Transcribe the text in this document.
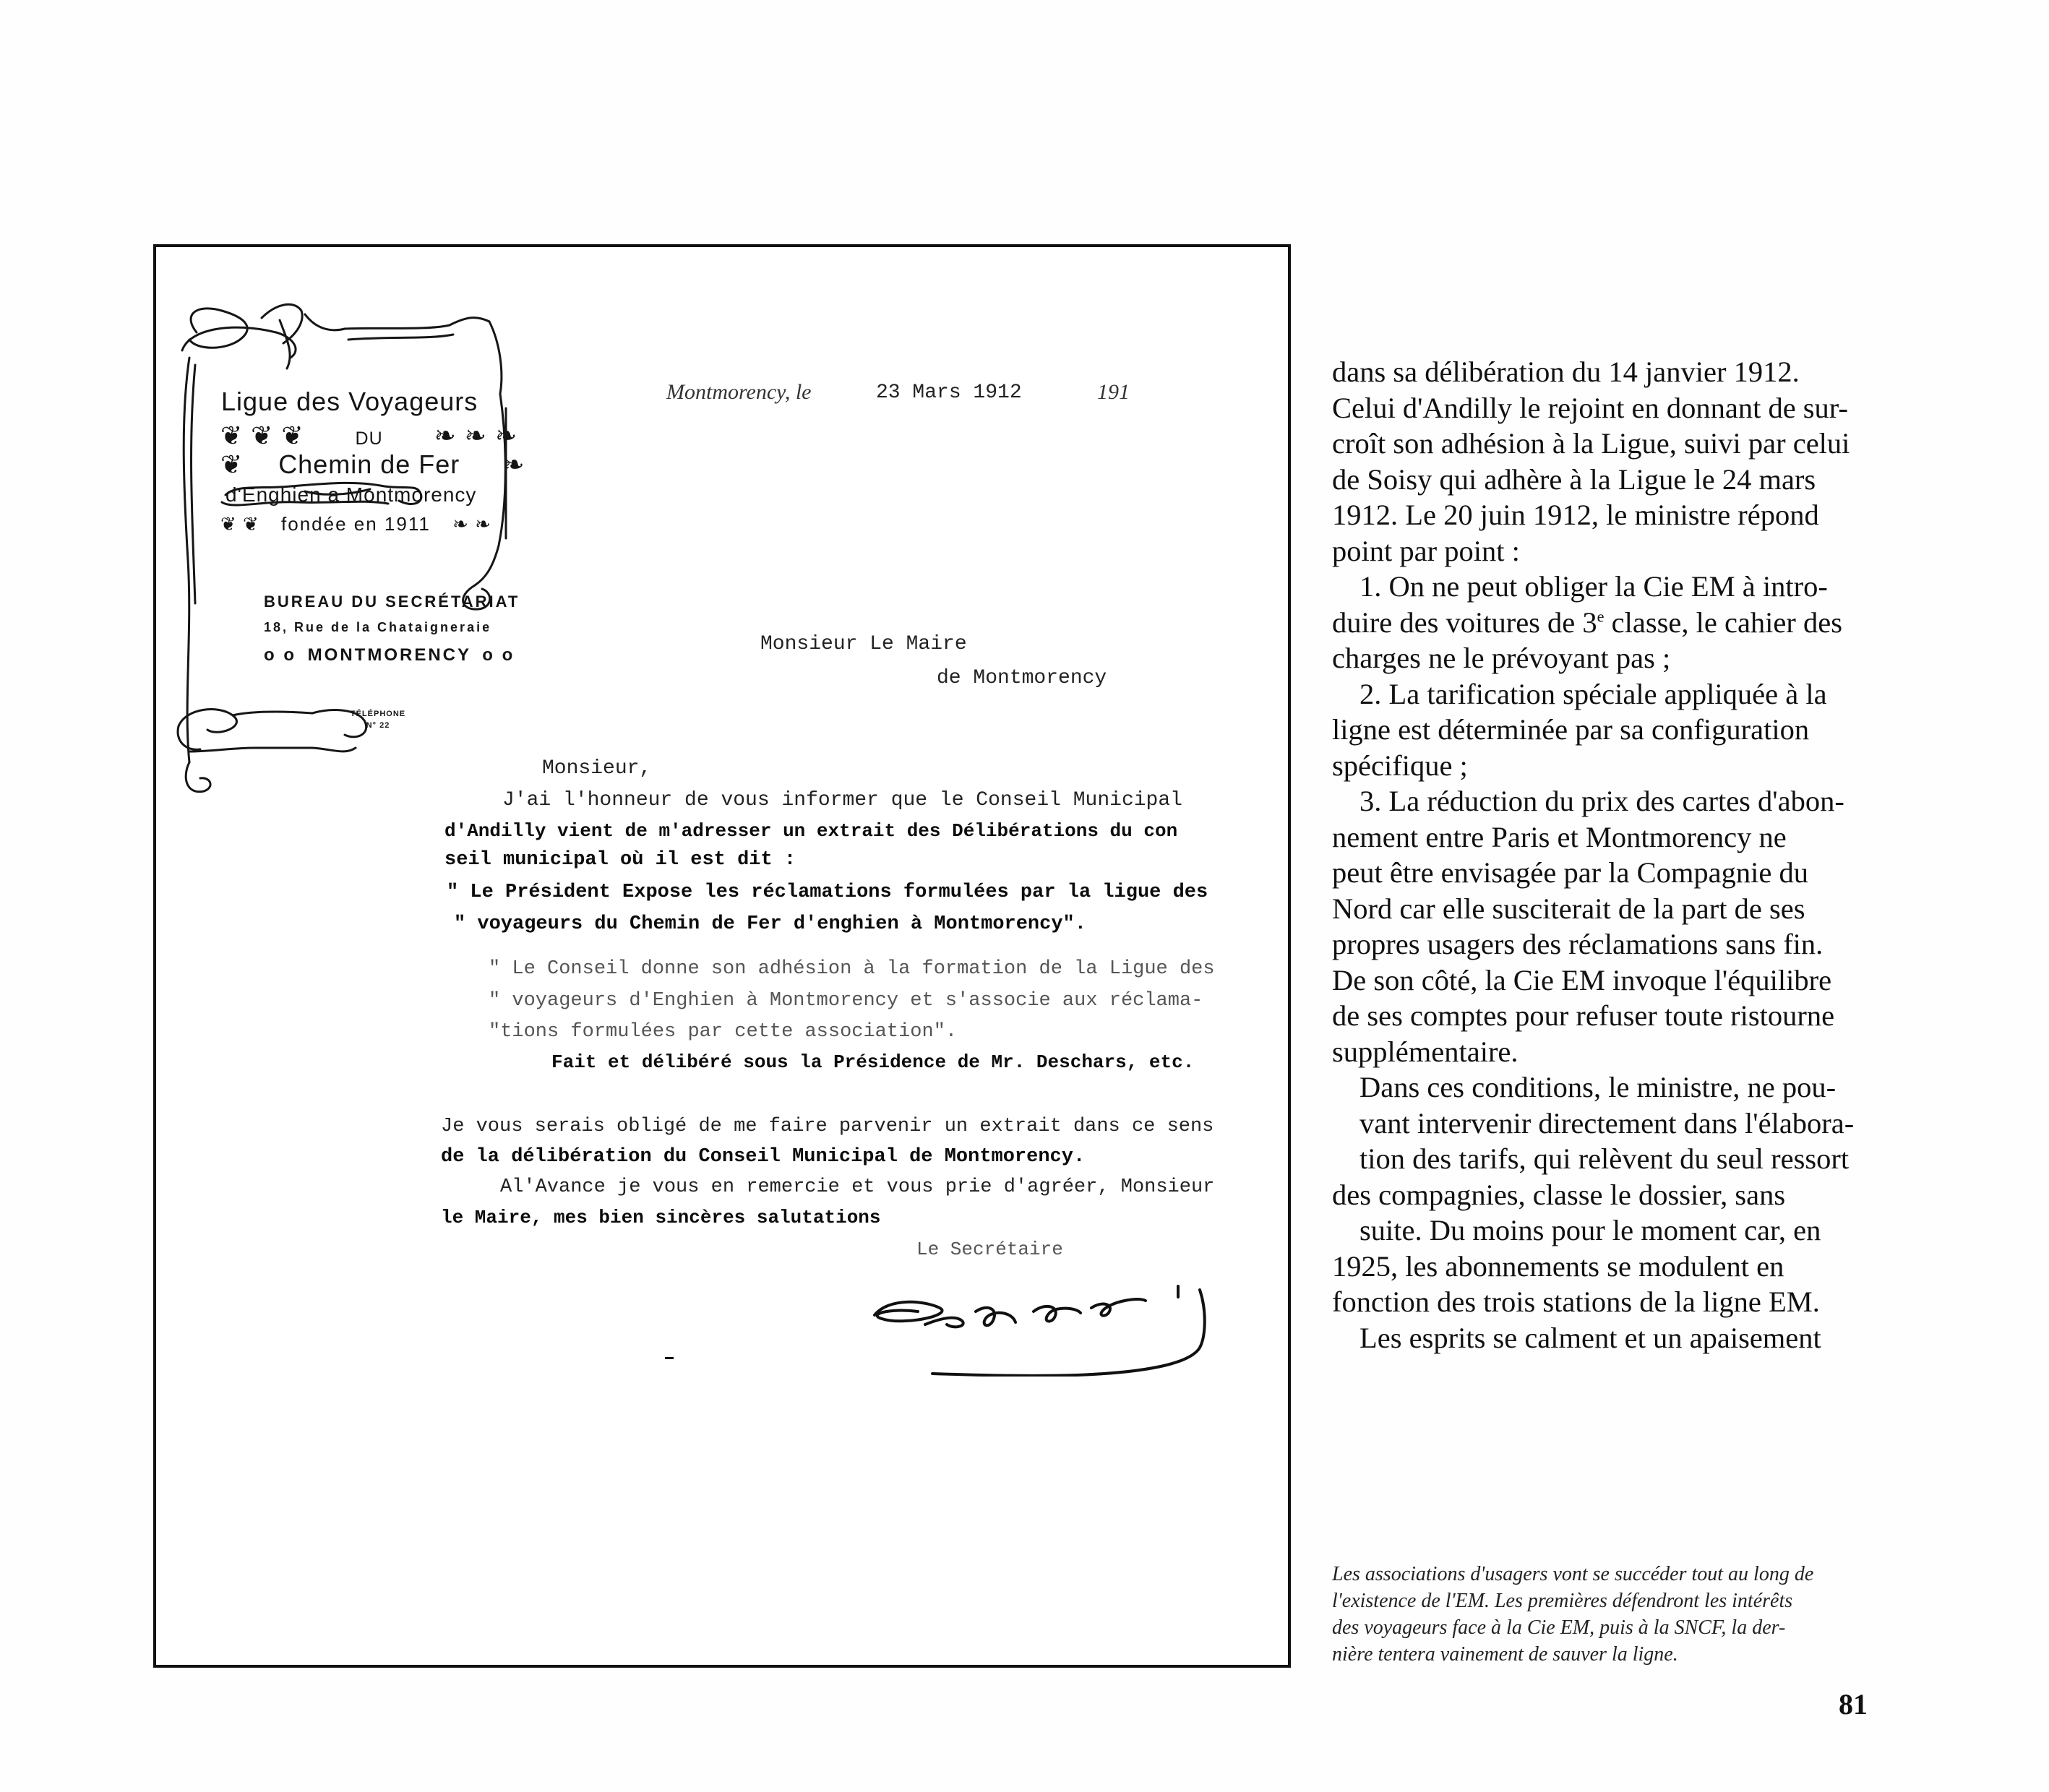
Ligue des Voyageurs
❦ ❦ ❦ du ❧ ❧ ❧
❦ Chemin de Fer ❧
d'Enghien a Montmorency
❦ ❦ fondée en 1911 ❧ ❧
BUREAU DU SECRÉTARIAT
18, Rue de la Chataigneraie
o o MONTMORENCY o o
TÉLÉPHONE
N° 22
Montmorency, le	23 Mars 1912	191
Monsieur Le Maire
de Montmorency
Monsieur,
J'ai l'honneur de vous informer que le Conseil Municipal
d'Andilly vient de m'adresser un extrait des Délibérations du con
seil municipal où il est dit :
" Le Président Expose les réclamations formulées par la ligue des
" voyageurs du Chemin de Fer d'enghien à Montmorency".
" Le Conseil donne son adhésion à la formation de la Ligue des
" voyageurs d'Enghien à Montmorency et s'associe aux réclama-
"tions formulées par cette association".
Fait et délibéré sous la Présidence de Mr. Deschars, etc.
Je vous serais obligé de me faire parvenir un extrait dans ce sens
de la délibération du Conseil Municipal de Montmorency.
Al'Avance je vous en remercie et vous prie d'agréer, Monsieur
le Maire, mes bien sincères salutations
Le Secrétaire
dans sa délibération du 14 janvier 1912.
Celui d'Andilly le rejoint en donnant de sur-
croît son adhésion à la Ligue, suivi par celui
de Soisy qui adhère à la Ligue le 24 mars
1912. Le 20 juin 1912, le ministre répond
point par point :
1. On ne peut obliger la Cie EM à intro-
duire des voitures de 3e classe, le cahier des
charges ne le prévoyant pas ;
2. La tarification spéciale appliquée à la
ligne est déterminée par sa configuration
spécifique ;
3. La réduction du prix des cartes d'abon-
nement entre Paris et Montmorency ne
peut être envisagée par la Compagnie du
Nord car elle susciterait de la part de ses
propres usagers des réclamations sans fin.
De son côté, la Cie EM invoque l'équilibre
de ses comptes pour refuser toute ristourne
supplémentaire.
Dans ces conditions, le ministre, ne pou-
vant intervenir directement dans l'élabora-
tion des tarifs, qui relèvent du seul ressort
des compagnies, classe le dossier, sans
suite. Du moins pour le moment car, en
1925, les abonnements se modulent en
fonction des trois stations de la ligne EM.
Les esprits se calment et un apaisement
Les associations d'usagers vont se succéder tout au long de
l'existence de l'EM. Les premières défendront les intérêts
des voyageurs face à la Cie EM, puis à la SNCF, la der-
nière tentera vainement de sauver la ligne.
81
